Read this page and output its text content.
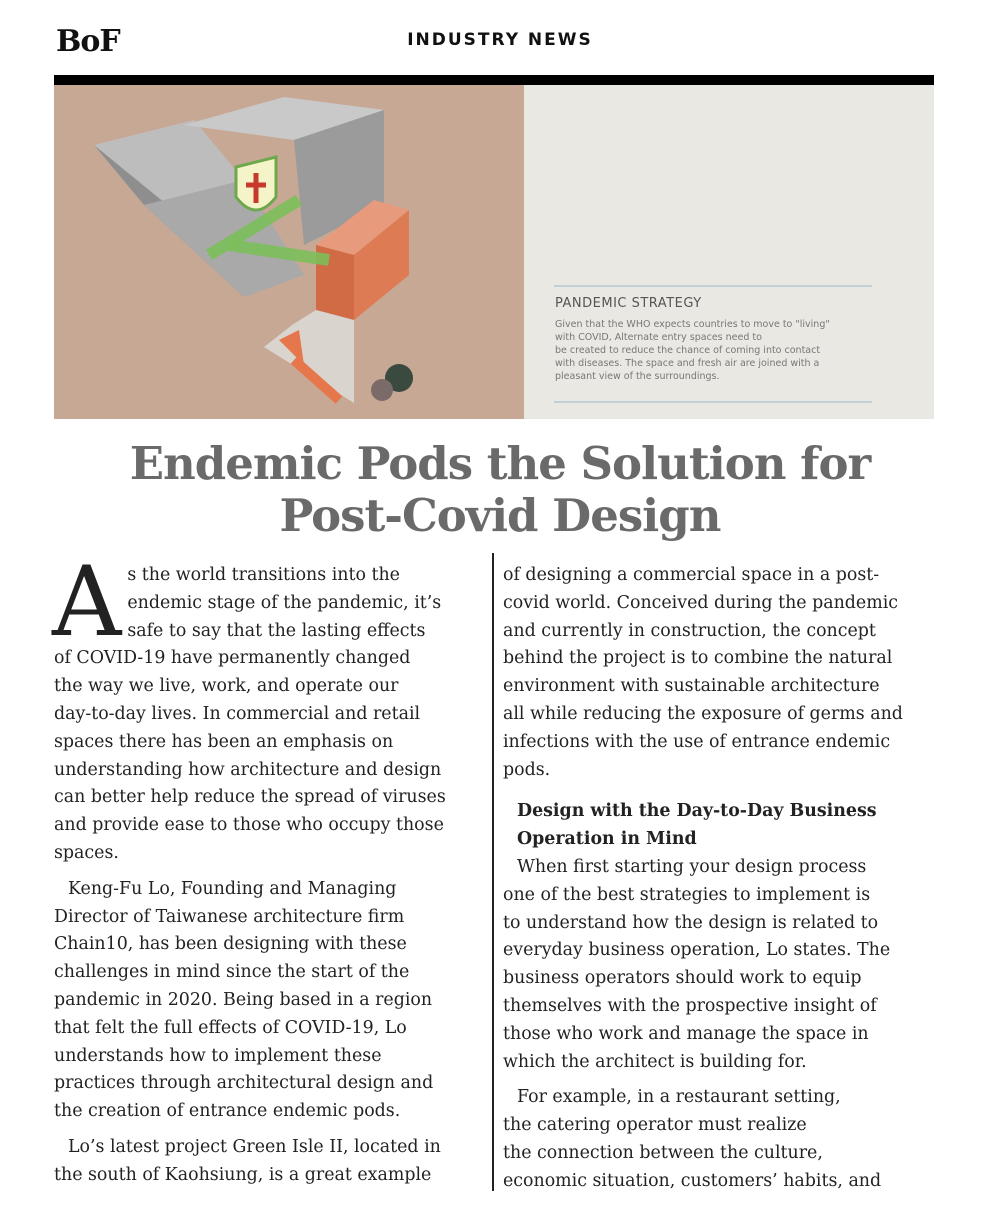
BoF	INDUSTRY NEWS
PANDEMIC STRATEGY
Given that the WHO expects countries to move to "living"
with COVID, Alternate entry spaces need to
be created to reduce the chance of coming into contact
with diseases. The space and fresh air are joined with a
pleasant view of the surroundings.
Endemic Pods the Solution for
Post-Covid Design

A s the world transitions into the
endemic stage of the pandemic, it’s
safe to say that the lasting effects
of COVID-19 have permanently changed
the way we live, work, and operate our
day-to-day lives. In commercial and retail
spaces there has been an emphasis on
understanding how architecture and design
can better help reduce the spread of viruses
and provide ease to those who occupy those
spaces.

Keng-Fu Lo, Founding and Managing
Director of Taiwanese architecture firm
Chain10, has been designing with these
challenges in mind since the start of the
pandemic in 2020. Being based in a region
that felt the full effects of COVID-19, Lo
understands how to implement these
practices through architectural design and
the creation of entrance endemic pods.

Lo’s latest project Green Isle II, located in
the south of Kaohsiung, is a great example

of designing a commercial space in a post-
covid world. Conceived during the pandemic
and currently in construction, the concept
behind the project is to combine the natural
environment with sustainable architecture
all while reducing the exposure of germs and
infections with the use of entrance endemic
pods.

Design with the Day-to-Day Business
Operation in Mind

When first starting your design process
one of the best strategies to implement is
to understand how the design is related to
everyday business operation, Lo states. The
business operators should work to equip
themselves with the prospective insight of
those who work and manage the space in
which the architect is building for.

For example, in a restaurant setting,
the catering operator must realize
the connection between the culture,
economic situation, customers’ habits, and
